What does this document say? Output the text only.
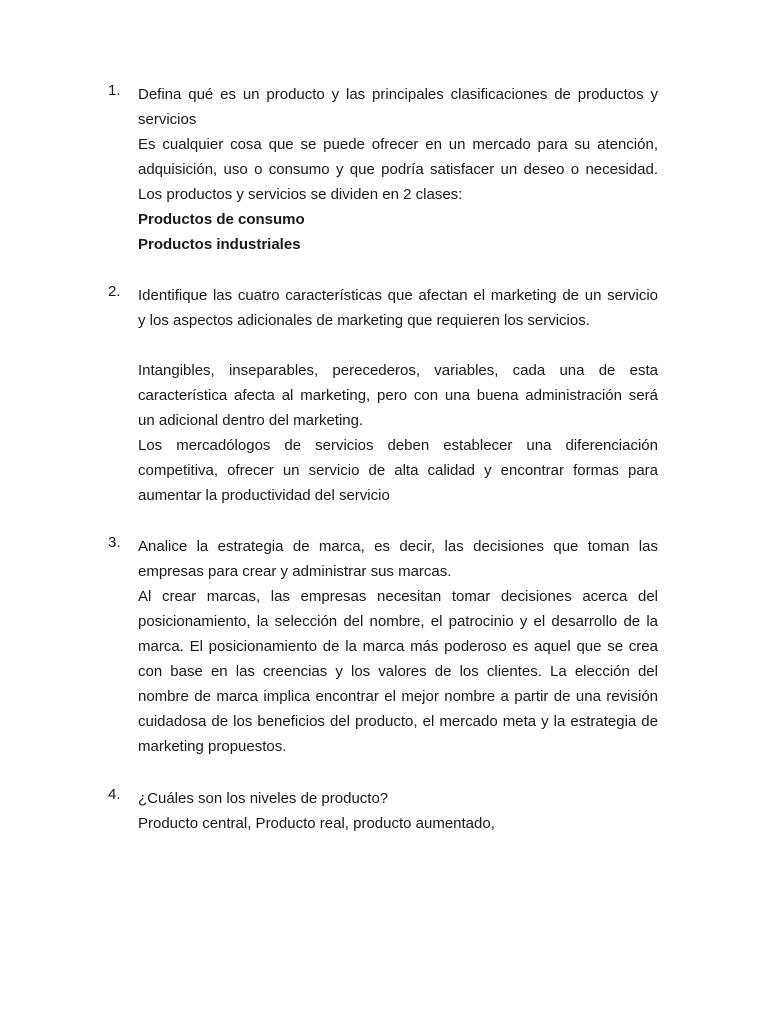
1.	Defina qué es un producto y las principales clasificaciones de productos y
servicios
Es cualquier cosa que se puede ofrecer en un mercado para su atención,
adquisición, uso o consumo y que podría satisfacer un deseo o necesidad.
Los productos y servicios se dividen en 2 clases:
Productos de consumo
Productos industriales
2.	Identifique las cuatro características que afectan el marketing de un servicio
y los aspectos adicionales de marketing que requieren los servicios.
Intangibles, inseparables, perecederos, variables, cada una de esta
característica afecta al marketing, pero con una buena administración será
un adicional dentro del marketing.
Los mercadólogos de servicios deben establecer una diferenciación
competitiva, ofrecer un servicio de alta calidad y encontrar formas para
aumentar la productividad del servicio
3.	Analice la estrategia de marca, es decir, las decisiones que toman las
empresas para crear y administrar sus marcas.
Al crear marcas, las empresas necesitan tomar decisiones acerca del
posicionamiento, la selección del nombre, el patrocinio y el desarrollo de la
marca. El posicionamiento de la marca más poderoso es aquel que se crea
con base en las creencias y los valores de los clientes. La elección del
nombre de marca implica encontrar el mejor nombre a partir de una revisión
cuidadosa de los beneficios del producto, el mercado meta y la estrategia de
marketing propuestos.
4.	¿Cuáles son los niveles de producto?
Producto central, Producto real, producto aumentado,
